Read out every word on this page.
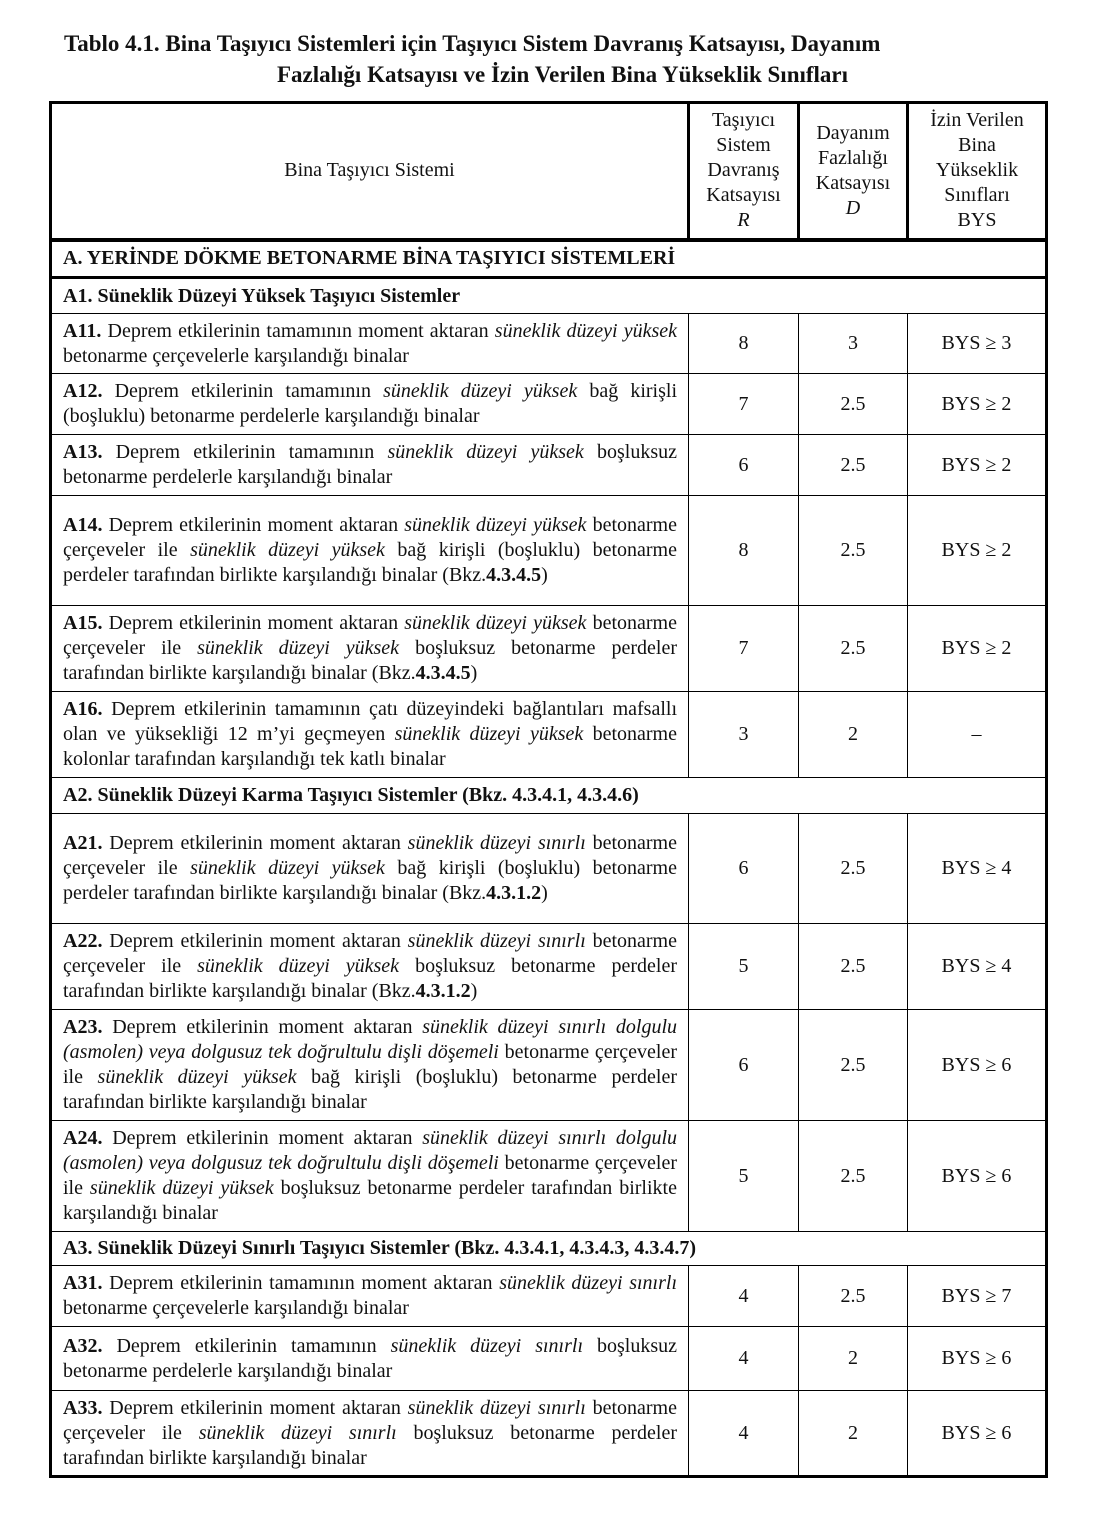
Tablo 4.1. Bina Taşıyıcı Sistemleri için Taşıyıcı Sistem Davranış Katsayısı, Dayanım
Fazlalığı Katsayısı ve İzin Verilen Bina Yükseklik Sınıfları
Bina Taşıyıcı Sistemi	Taşıyıcı
Sistem
Davranış
Katsayısı
R	Dayanım
Fazlalığı
Katsayısı
D	İzin Verilen
Bina
Yükseklik
Sınıfları
BYS
A. YERİNDE DÖKME BETONARME BİNA TAŞIYICI SİSTEMLERİ			
A1. Süneklik Düzeyi Yüksek Taşıyıcı Sistemler			
A11. Deprem etkilerinin tamamının moment aktaran süneklik düzeyi yüksek betonarme çerçevelerle karşılandığı binalar	8	3	BYS ≥ 3
A12. Deprem etkilerinin tamamının süneklik düzeyi yüksek bağ kirişli (boşluklu) betonarme perdelerle karşılandığı binalar	7	2.5	BYS ≥ 2
A13. Deprem etkilerinin tamamının süneklik düzeyi yüksek boşluksuz betonarme perdelerle karşılandığı binalar	6	2.5	BYS ≥ 2
A14. Deprem etkilerinin moment aktaran süneklik düzeyi yüksek betonarme çerçeveler ile süneklik düzeyi yüksek bağ kirişli (boşluklu) betonarme perdeler tarafından birlikte karşılandığı binalar (Bkz.4.3.4.5)	8	2.5	BYS ≥ 2
A15. Deprem etkilerinin moment aktaran süneklik düzeyi yüksek betonarme çerçeveler ile süneklik düzeyi yüksek boşluksuz betonarme perdeler tarafından birlikte karşılandığı binalar (Bkz.4.3.4.5)	7	2.5	BYS ≥ 2
A16. Deprem etkilerinin tamamının çatı düzeyindeki bağlantıları mafsallı olan ve yüksekliği 12 m’yi geçmeyen süneklik düzeyi yüksek betonarme kolonlar tarafından karşılandığı tek katlı binalar	3	2	–
A2. Süneklik Düzeyi Karma Taşıyıcı Sistemler (Bkz. 4.3.4.1, 4.3.4.6)			
A21. Deprem etkilerinin moment aktaran süneklik düzeyi sınırlı betonarme çerçeveler ile süneklik düzeyi yüksek bağ kirişli (boşluklu) betonarme perdeler tarafından birlikte karşılandığı binalar (Bkz.4.3.1.2)	6	2.5	BYS ≥ 4
A22. Deprem etkilerinin moment aktaran süneklik düzeyi sınırlı betonarme çerçeveler ile süneklik düzeyi yüksek boşluksuz betonarme perdeler tarafından birlikte karşılandığı binalar (Bkz.4.3.1.2)	5	2.5	BYS ≥ 4
A23. Deprem etkilerinin moment aktaran süneklik düzeyi sınırlı dolgulu (asmolen) veya dolgusuz tek doğrultulu dişli döşemeli betonarme çerçeveler ile süneklik düzeyi yüksek bağ kirişli (boşluklu) betonarme perdeler tarafından birlikte karşılandığı binalar	6	2.5	BYS ≥ 6
A24. Deprem etkilerinin moment aktaran süneklik düzeyi sınırlı dolgulu (asmolen) veya dolgusuz tek doğrultulu dişli döşemeli betonarme çerçeveler ile süneklik düzeyi yüksek boşluksuz betonarme perdeler tarafından birlikte karşılandığı binalar	5	2.5	BYS ≥ 6
A3. Süneklik Düzeyi Sınırlı Taşıyıcı Sistemler (Bkz. 4.3.4.1, 4.3.4.3, 4.3.4.7)			
A31. Deprem etkilerinin tamamının moment aktaran süneklik düzeyi sınırlı betonarme çerçevelerle karşılandığı binalar	4	2.5	BYS ≥ 7
A32. Deprem etkilerinin tamamının süneklik düzeyi sınırlı boşluksuz betonarme perdelerle karşılandığı binalar	4	2	BYS ≥ 6
A33. Deprem etkilerinin moment aktaran süneklik düzeyi sınırlı betonarme çerçeveler ile süneklik düzeyi sınırlı boşluksuz betonarme perdeler tarafından birlikte karşılandığı binalar	4	2	BYS ≥ 6
